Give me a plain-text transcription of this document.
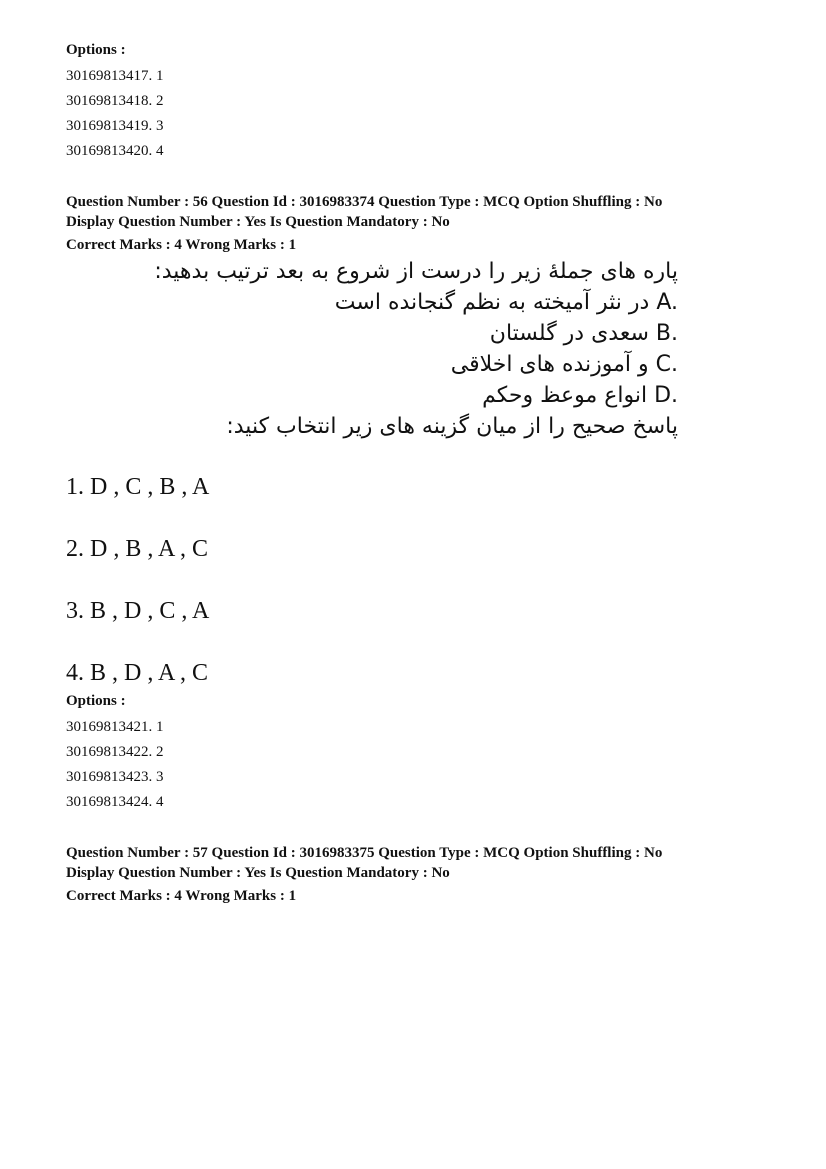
Options :

30169813417. 1

30169813418. 2

30169813419. 3

30169813420. 4

Question Number : 56 Question Id : 3016983374 Question Type : MCQ Option Shuffling : No

Display Question Number : Yes Is Question Mandatory : No

Correct Marks : 4 Wrong Marks : 1

پاره های جملهٔ زیر را درست از شروع به بعد ترتیب بدهید:
A. در نثر آمیخته به نظم گنجانده است
B. سعدی در گلستان
C. و آموزنده های اخلاقی
D. انواع موعظ وحکم
پاسخ صحیح را از میان گزینه های زیر انتخاب کنید:

1. D , C , B , A

2. D , B , A , C

3. B , D , C , A

4. B , D , A , C

Options :

30169813421. 1

30169813422. 2

30169813423. 3

30169813424. 4

Question Number : 57 Question Id : 3016983375 Question Type : MCQ Option Shuffling : No

Display Question Number : Yes Is Question Mandatory : No

Correct Marks : 4 Wrong Marks : 1
